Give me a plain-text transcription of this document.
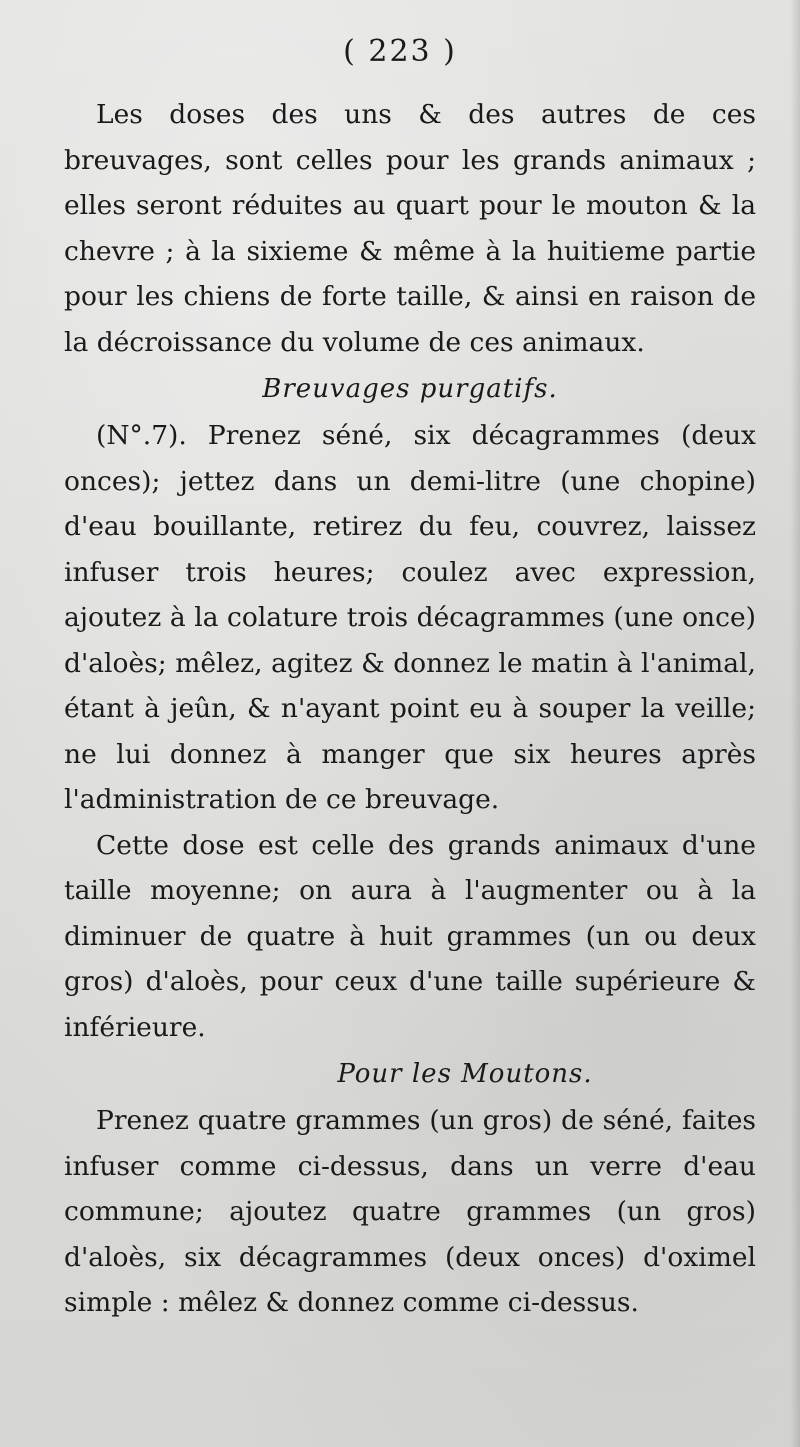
( 223 )

Les doses des uns & des autres de ces breuvages, sont celles pour les grands animaux ; elles seront réduites au quart pour le mouton & la chevre ; à la sixieme & même à la huitieme partie pour les chiens de forte taille, & ainsi en raison de la décroissance du volume de ces animaux.

Breuvages purgatifs.

(N°.7). Prenez séné, six décagrammes (deux onces); jettez dans un demi-litre (une chopine) d'eau bouillante, retirez du feu, couvrez, laissez infuser trois heures; coulez avec expression, ajoutez à la colature trois décagrammes (une once) d'aloès; mêlez, agitez & donnez le matin à l'animal, étant à jeûn, & n'ayant point eu à souper la veille; ne lui donnez à manger que six heures après l'administration de ce breuvage.

Cette dose est celle des grands animaux d'une taille moyenne; on aura à l'augmenter ou à la diminuer de quatre à huit grammes (un ou deux gros) d'aloès, pour ceux d'une taille supérieure & inférieure.

Pour les Moutons.

Prenez quatre grammes (un gros) de séné, faites infuser comme ci-dessus, dans un verre d'eau commune; ajoutez quatre grammes (un gros) d'aloès, six décagrammes (deux onces) d'oximel simple : mêlez & donnez comme ci-dessus.
